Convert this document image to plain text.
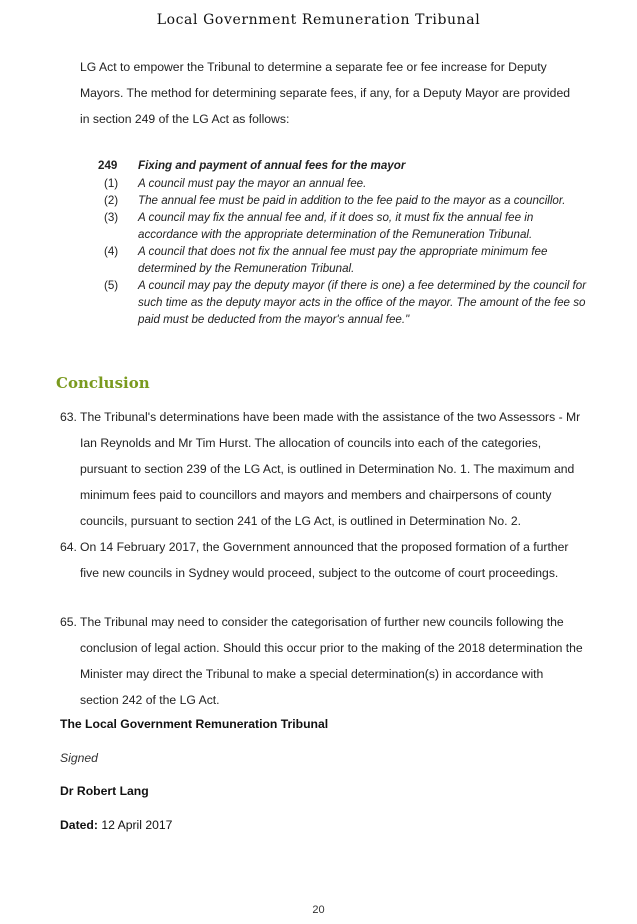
Local Government Remuneration Tribunal
LG Act to empower the Tribunal to determine a separate fee or fee increase for Deputy Mayors. The method for determining separate fees, if any, for a Deputy Mayor are provided in section 249 of the LG Act as follows:
249	Fixing and payment of annual fees for the mayor
(1)	A council must pay the mayor an annual fee.
(2)	The annual fee must be paid in addition to the fee paid to the mayor as a councillor.
(3)	A council may fix the annual fee and, if it does so, it must fix the annual fee in accordance with the appropriate determination of the Remuneration Tribunal.
(4)	A council that does not fix the annual fee must pay the appropriate minimum fee determined by the Remuneration Tribunal.
(5)	A council may pay the deputy mayor (if there is one) a fee determined by the council for such time as the deputy mayor acts in the office of the mayor. The amount of the fee so paid must be deducted from the mayor's annual fee."
Conclusion
63. The Tribunal's determinations have been made with the assistance of the two Assessors - Mr Ian Reynolds and Mr Tim Hurst. The allocation of councils into each of the categories, pursuant to section 239 of the LG Act, is outlined in Determination No. 1. The maximum and minimum fees paid to councillors and mayors and members and chairpersons of county councils, pursuant to section 241 of the LG Act, is outlined in Determination No. 2.
64. On 14 February 2017, the Government announced that the proposed formation of a further five new councils in Sydney would proceed, subject to the outcome of court proceedings.
65. The Tribunal may need to consider the categorisation of further new councils following the conclusion of legal action. Should this occur prior to the making of the 2018 determination the Minister may direct the Tribunal to make a special determination(s) in accordance with section 242 of the LG Act.
The Local Government Remuneration Tribunal
Signed
Dr Robert Lang
Dated: 12 April 2017
20
